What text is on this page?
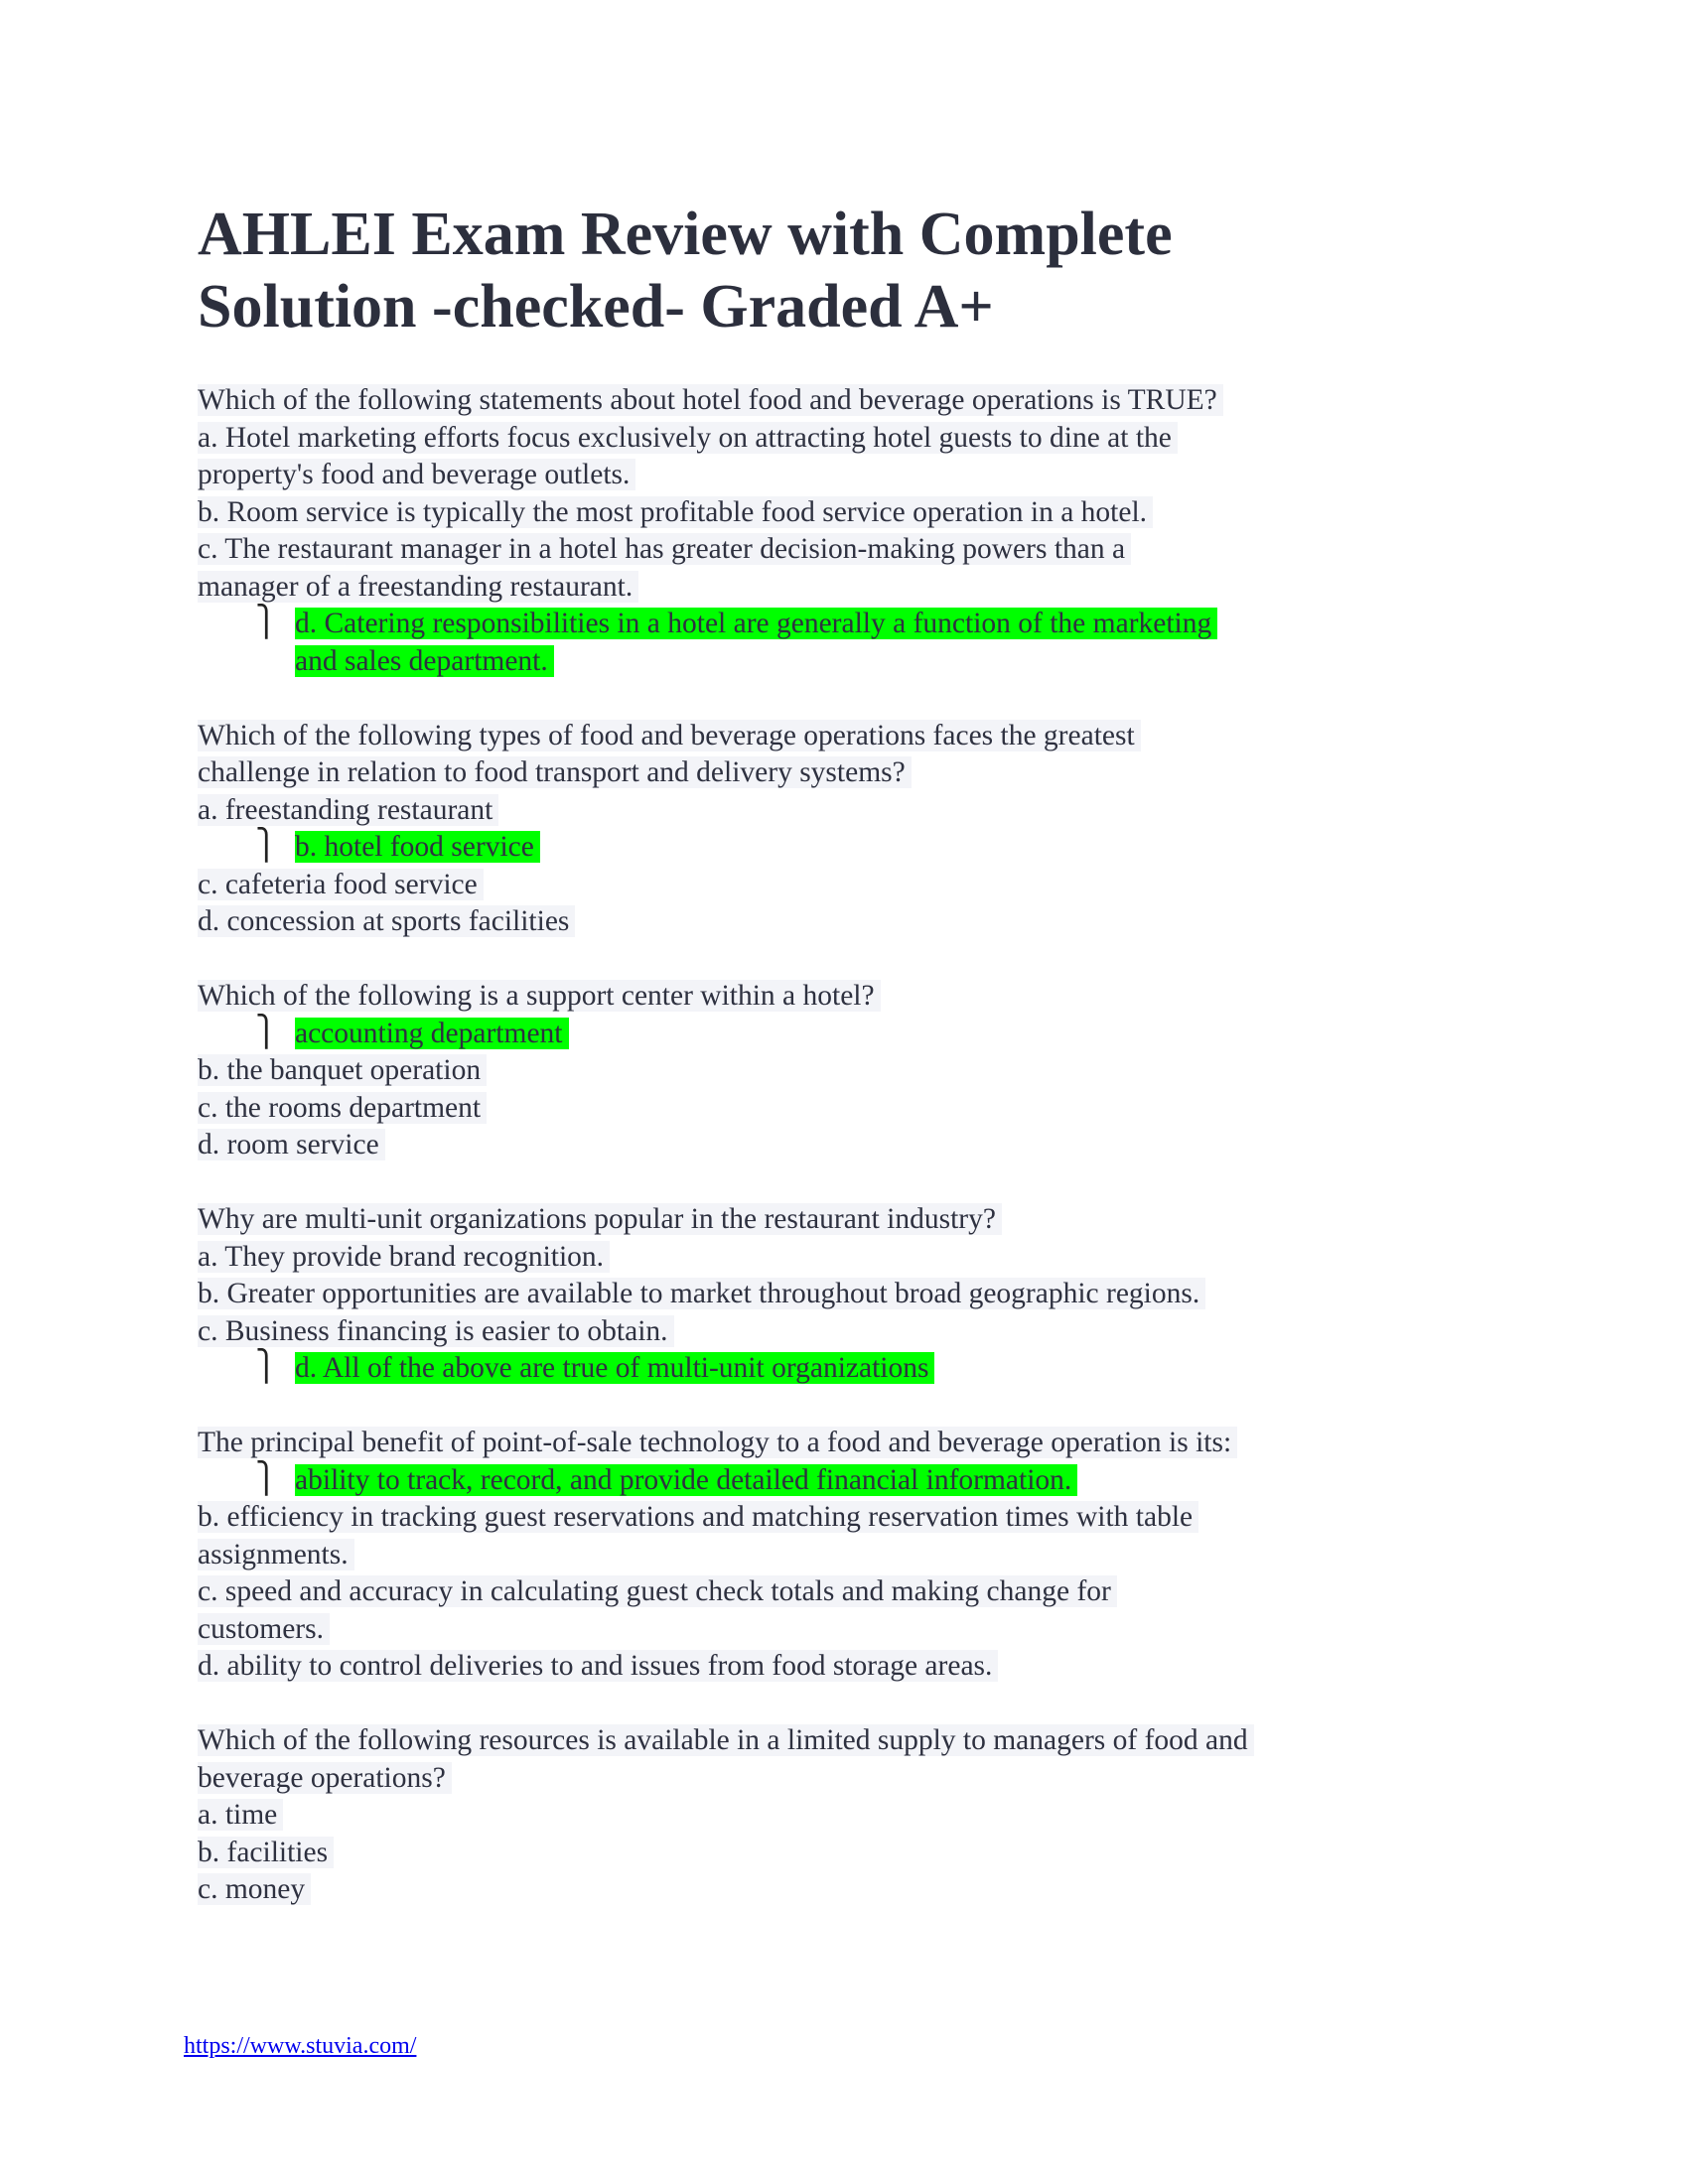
AHLEI Exam Review with Complete
Solution -checked- Graded A+
Which of the following statements about hotel food and beverage operations is TRUE?
a. Hotel marketing efforts focus exclusively on attracting hotel guests to dine at the
property's food and beverage outlets.
b. Room service is typically the most profitable food service operation in a hotel.
c. The restaurant manager in a hotel has greater decision-making powers than a
manager of a freestanding restaurant.
⎫ d. Catering responsibilities in a hotel are generally a function of the marketing
and sales department.
Which of the following types of food and beverage operations faces the greatest
challenge in relation to food transport and delivery systems?
a. freestanding restaurant
⎫ b. hotel food service
c. cafeteria food service
d. concession at sports facilities
Which of the following is a support center within a hotel?
⎫ accounting department
b. the banquet operation
c. the rooms department
d. room service
Why are multi-unit organizations popular in the restaurant industry?
a. They provide brand recognition.
b. Greater opportunities are available to market throughout broad geographic regions.
c. Business financing is easier to obtain.
⎫ d. All of the above are true of multi-unit organizations
The principal benefit of point-of-sale technology to a food and beverage operation is its:
⎫ ability to track, record, and provide detailed financial information.
b. efficiency in tracking guest reservations and matching reservation times with table
assignments.
c. speed and accuracy in calculating guest check totals and making change for
customers.
d. ability to control deliveries to and issues from food storage areas.
Which of the following resources is available in a limited supply to managers of food and
beverage operations?
a. time
b. facilities
c. money
https://www.stuvia.com/
